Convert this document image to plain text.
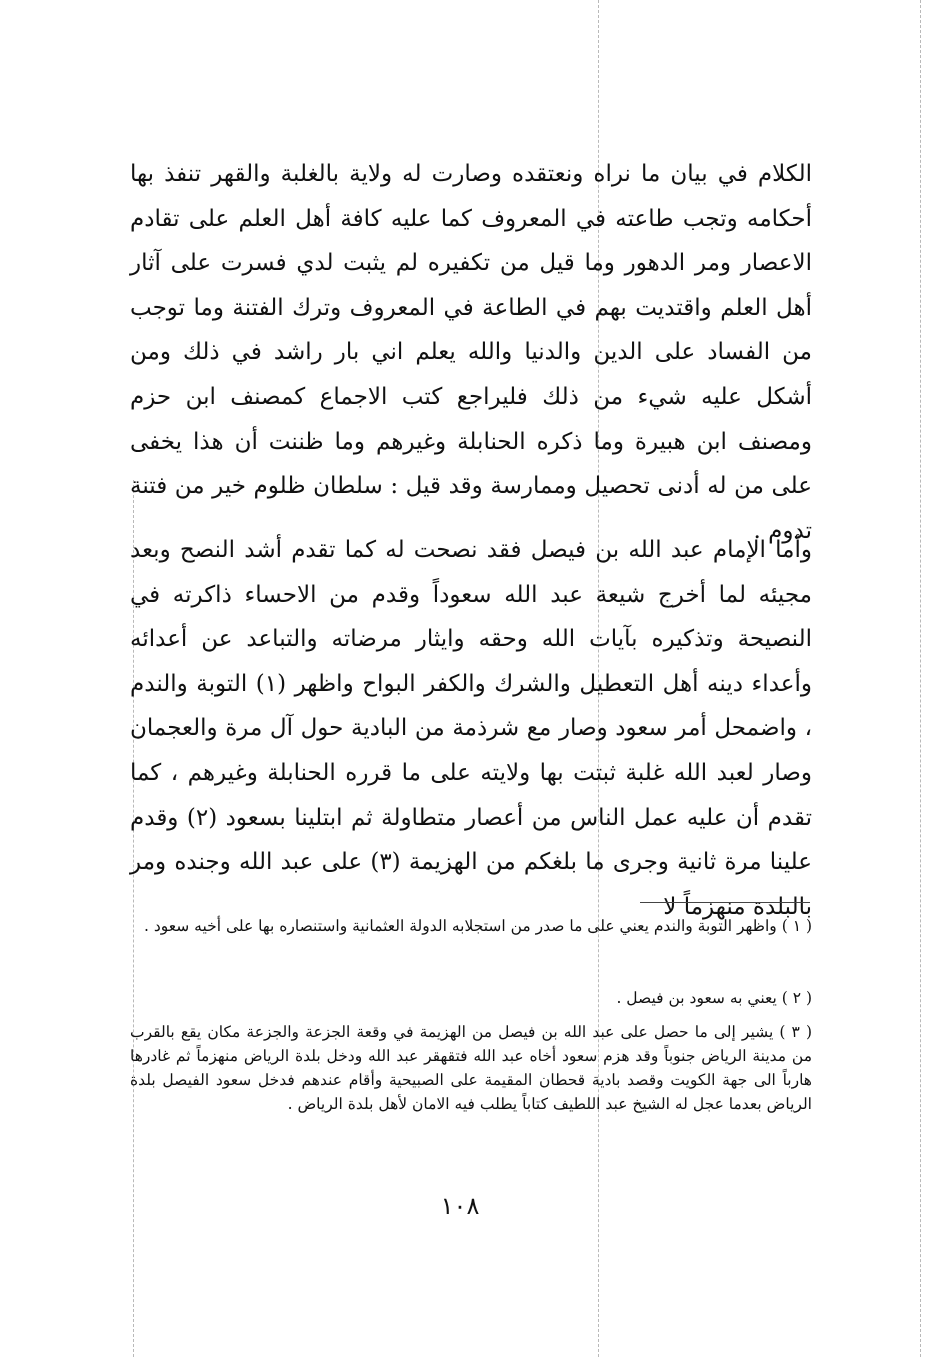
الكلام في بيان ما نراه ونعتقده وصارت له ولاية بالغلبة والقهر تنفذ بها أحكامه وتجب طاعته في المعروف كما عليه كافة أهل العلم على تقادم الاعصار ومر الدهور وما قيل من تكفيره لم يثبت لدي فسرت على آثار أهل العلم واقتديت بهم في الطاعة في المعروف وترك الفتنة وما توجب من الفساد على الدين والدنيا والله يعلم اني بار راشد في ذلك ومن أشكل عليه شيء من ذلك فليراجع كتب الاجماع كمصنف ابن حزم ومصنف ابن هبيرة وما ذكره الحنابلة وغيرهم وما ظننت أن هذا يخفى على من له أدنى تحصيل وممارسة وقد قيل : سلطان ظلوم خير من فتنة تدوم .

وأما الإمام عبد الله بن فيصل فقد نصحت له كما تقدم أشد النصح وبعد مجيئه لما أخرج شيعة عبد الله سعوداً وقدم من الاحساء ذاكرته في النصيحة وتذكيره بآيات الله وحقه وايثار مرضاته والتباعد عن أعدائه وأعداء دينه أهل التعطيل والشرك والكفر البواح واظهر (١) التوبة والندم ، واضمحل أمر سعود وصار مع شرذمة من البادية حول آل مرة والعجمان وصار لعبد الله غلبة ثبتت بها ولايته على ما قرره الحنابلة وغيرهم ، كما تقدم أن عليه عمل الناس من أعصار متطاولة ثم ابتلينا بسعود (٢) وقدم علينا مرة ثانية وجرى ما بلغكم من الهزيمة (٣) على عبد الله وجنده ومر بالبلدة منهزماً لا

( ١ ) واظهر التوبة والندم يعني على ما صدر من استجلابه الدولة العثمانية واستنصاره بها على أخيه سعود .

( ٢ ) يعني به سعود بن فيصل .

( ٣ ) يشير إلى ما حصل على عبد الله بن فيصل من الهزيمة في وقعة الجزعة والجزعة مكان يقع بالقرب من مدينة الرياض جنوباً وقد هزم سعود أخاه عبد الله فتقهقر عبد الله ودخل بلدة الرياض منهزماً ثم غادرها هارباً الى جهة الكويت وقصد بادية قحطان المقيمة على الصبيحية وأقام عندهم فدخل سعود الفيصل بلدة الرياض بعدما عجل له الشيخ عبد اللطيف كتاباً يطلب فيه الامان لأهل بلدة الرياض .

١٠٨
